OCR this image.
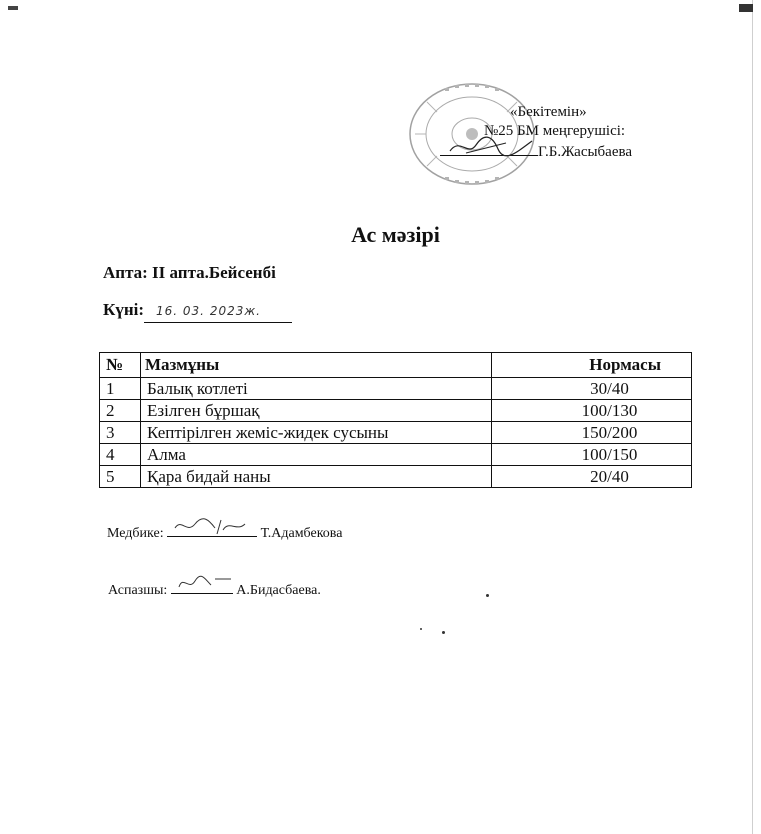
«Бекітемін»
№25 БМ меңгерушісі:
Г.Б.Жасыбаева
Ас мәзірі
Апта: II апта.Бейсенбі
Күні: 16. 03. 2023ж.
№	Мазмұны	Нормасы
1	Балық котлеті	30/40
2	Езілген бұршақ	100/130
3	Кептірілген жеміс-жидек сусыны	150/200
4	Алма	100/150
5	Қара бидай наны	20/40
Медбике:	Т.Адамбекова
Аспазшы:	А.Бидасбаева.
